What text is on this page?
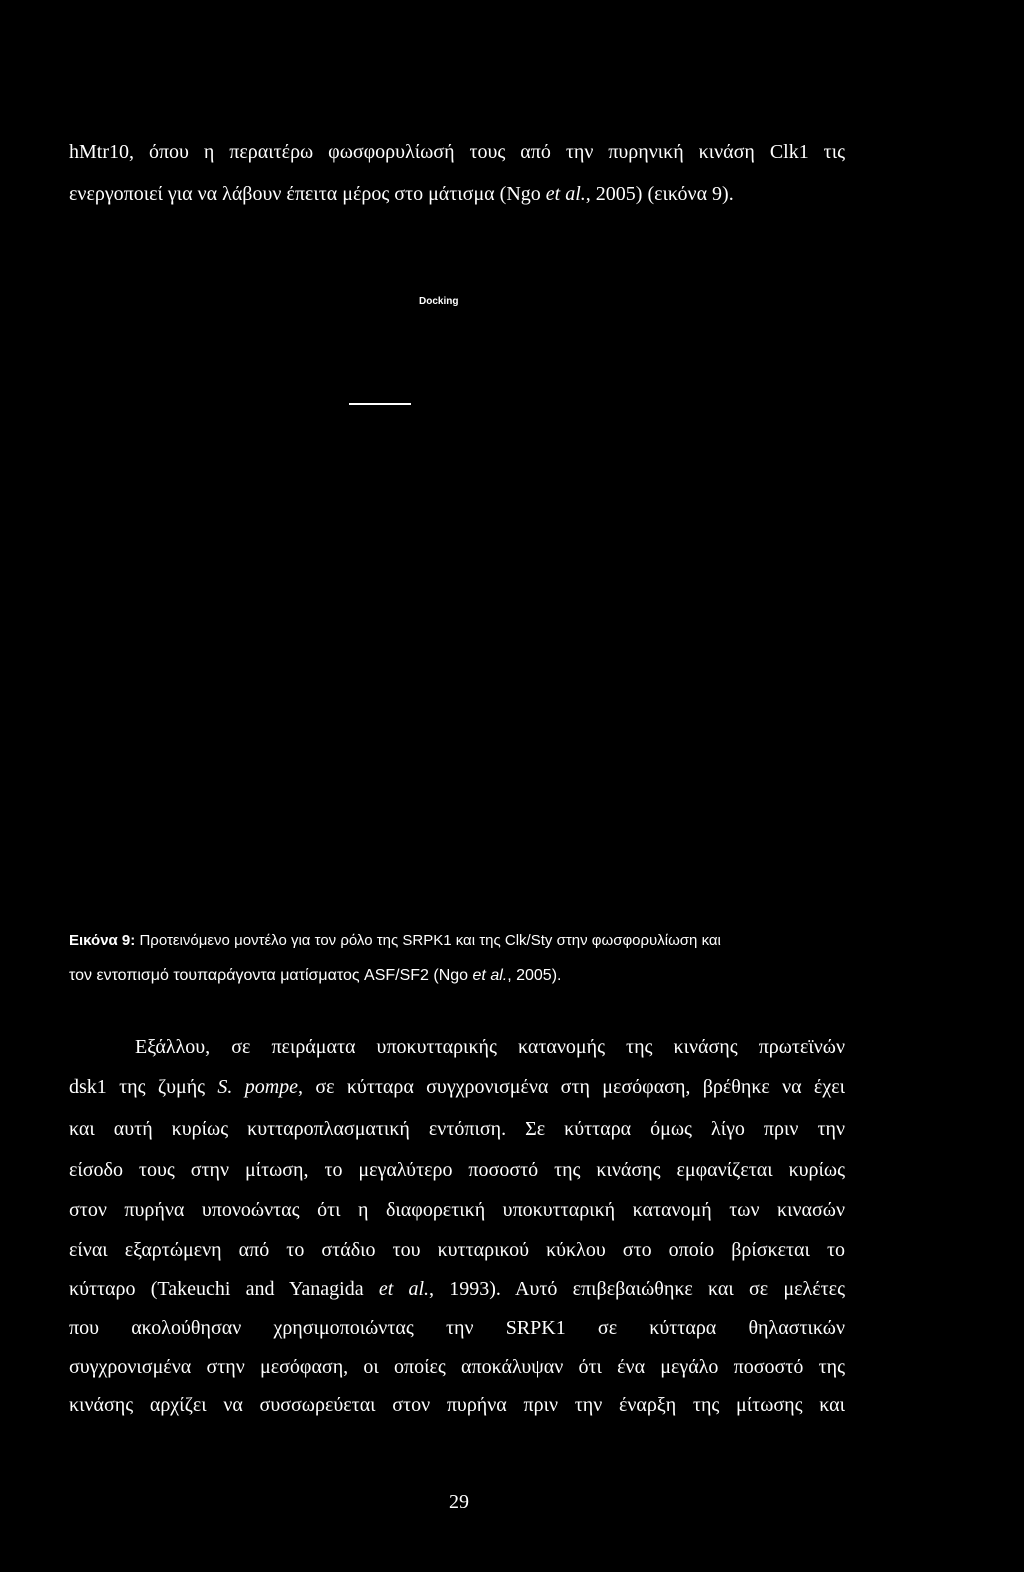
hMtr10, όπου η περαιτέρω φωσφορυλίωσή τους από την πυρηνική κινάση Clk1 τις
ενεργοποιεί για να λάβουν έπειτα μέρος στο μάτισμα (Ngo et al., 2005) (εικόνα 9).
Docking
Εικόνα 9: Προτεινόμενο μοντέλο για τον ρόλο της SRPK1 και της Clk/Sty στην φωσφορυλίωση και
τον εντοπισμό τουπαράγοντα ματίσματος ASF/SF2 (Ngo et al., 2005).
Εξάλλου, σε πειράματα υποκυτταρικής κατανομής της κινάσης πρωτεϊνών
dsk1 της ζυμής S. pompe, σε κύτταρα συγχρονισμένα στη μεσόφαση, βρέθηκε να έχει
και αυτή κυρίως κυτταροπλασματική εντόπιση. Σε κύτταρα όμως λίγο πριν την
είσοδο τους στην μίτωση, το μεγαλύτερο ποσοστό της κινάσης εμφανίζεται κυρίως
στον πυρήνα υπονοώντας ότι η διαφορετική υποκυτταρική κατανομή των κινασών
είναι εξαρτώμενη από το στάδιο του κυτταρικού κύκλου στο οποίο βρίσκεται το
κύτταρο (Takeuchi and Yanagida et al., 1993). Αυτό επιβεβαιώθηκε και σε μελέτες
που ακολούθησαν χρησιμοποιώντας την SRPK1 σε κύτταρα θηλαστικών
συγχρονισμένα στην μεσόφαση, οι οποίες αποκάλυψαν ότι ένα μεγάλο ποσοστό της
κινάσης αρχίζει να συσσωρεύεται στον πυρήνα πριν την έναρξη της μίτωσης και
29
